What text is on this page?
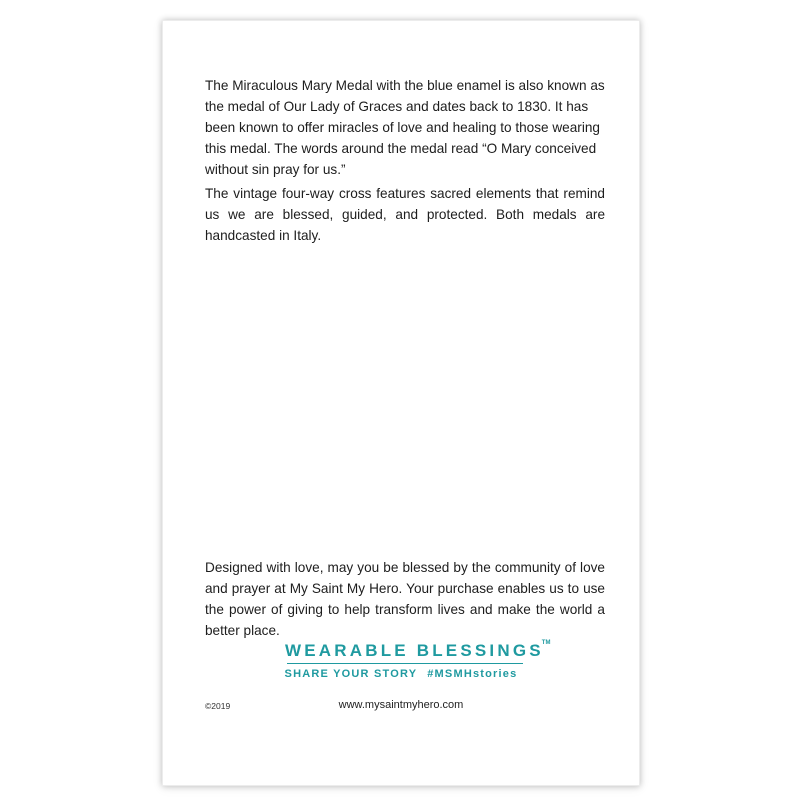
The Miraculous Mary Medal with the blue enamel is also known as the medal of Our Lady of Graces and dates back to 1830. It has been known to offer miracles of love and healing to those wearing this medal. The words around the medal read “O Mary conceived without sin pray for us.”

The vintage four-way cross features sacred elements that remind us we are blessed, guided, and protected. Both medals are handcasted in Italy.

Designed with love, may you be blessed by the community of love and prayer at My Saint My Hero. Your purchase enables us to use the power of giving to help transform lives and make the world a better place.

WEARABLE BLESSINGS™
SHARE YOUR STORY #MSMHstories
©2019	www.mysaintmyhero.com
